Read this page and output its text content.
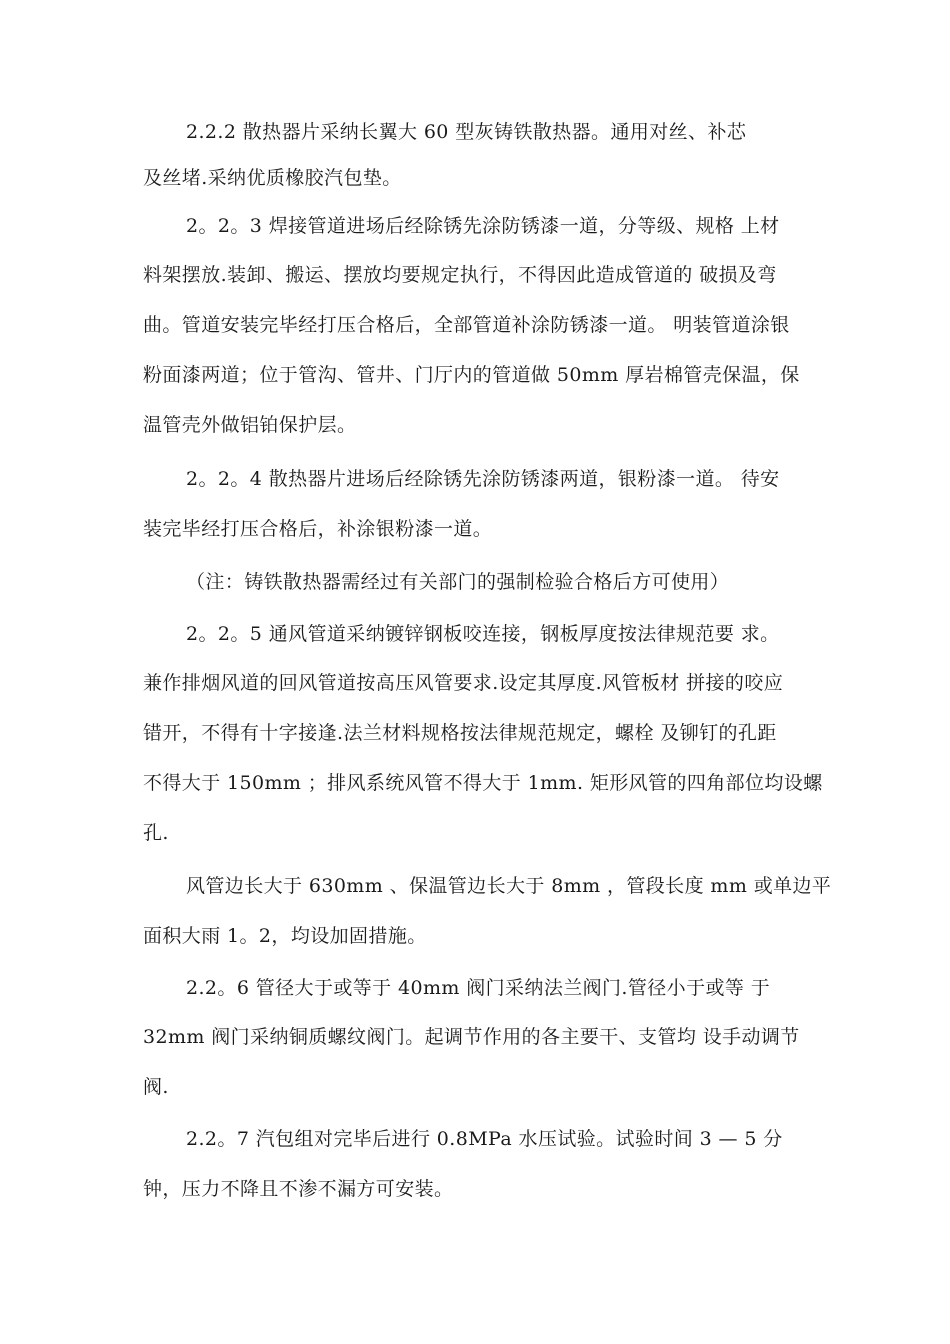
2.2.2 散热器片采纳长翼大 60 型灰铸铁散热器。通用对丝、补芯
及丝堵.采纳优质橡胶汽包垫。
2。2。3 焊接管道进场后经除锈先涂防锈漆一道，分等级、规格 上材
料架摆放.装卸、搬运、摆放均要规定执行，不得因此造成管道的 破损及弯
曲。管道安装完毕经打压合格后，全部管道补涂防锈漆一道。 明装管道涂银
粉面漆两道；位于管沟、管井、门厅内的管道做 50mm 厚岩棉管壳保温，保
温管壳外做铝铂保护层。
2。2。4 散热器片进场后经除锈先涂防锈漆两道，银粉漆一道。 待安
装完毕经打压合格后，补涂银粉漆一道。
（注：铸铁散热器需经过有关部门的强制检验合格后方可使用）
2。2。5 通风管道采纳镀锌钢板咬连接，钢板厚度按法律规范要 求。
兼作排烟风道的回风管道按高压风管要求.设定其厚度.风管板材 拼接的咬应
错开，不得有十字接逢.法兰材料规格按法律规范规定，螺栓 及铆钉的孔距
不得大于 150mm ；排风系统风管不得大于 1mm. 矩形风管的四角部位均设螺
孔.
风管边长大于 630mm 、保温管边长大于 8mm ，管段长度 mm 或单边平
面积大雨 1。2，均设加固措施。
2.2。6 管径大于或等于 40mm 阀门采纳法兰阀门.管径小于或等 于
32mm 阀门采纳铜质螺纹阀门。起调节作用的各主要干、支管均 设手动调节
阀.
2.2。7 汽包组对完毕后进行 0.8MPa 水压试验。试验时间 3 — 5 分
钟，压力不降且不渗不漏方可安装。
